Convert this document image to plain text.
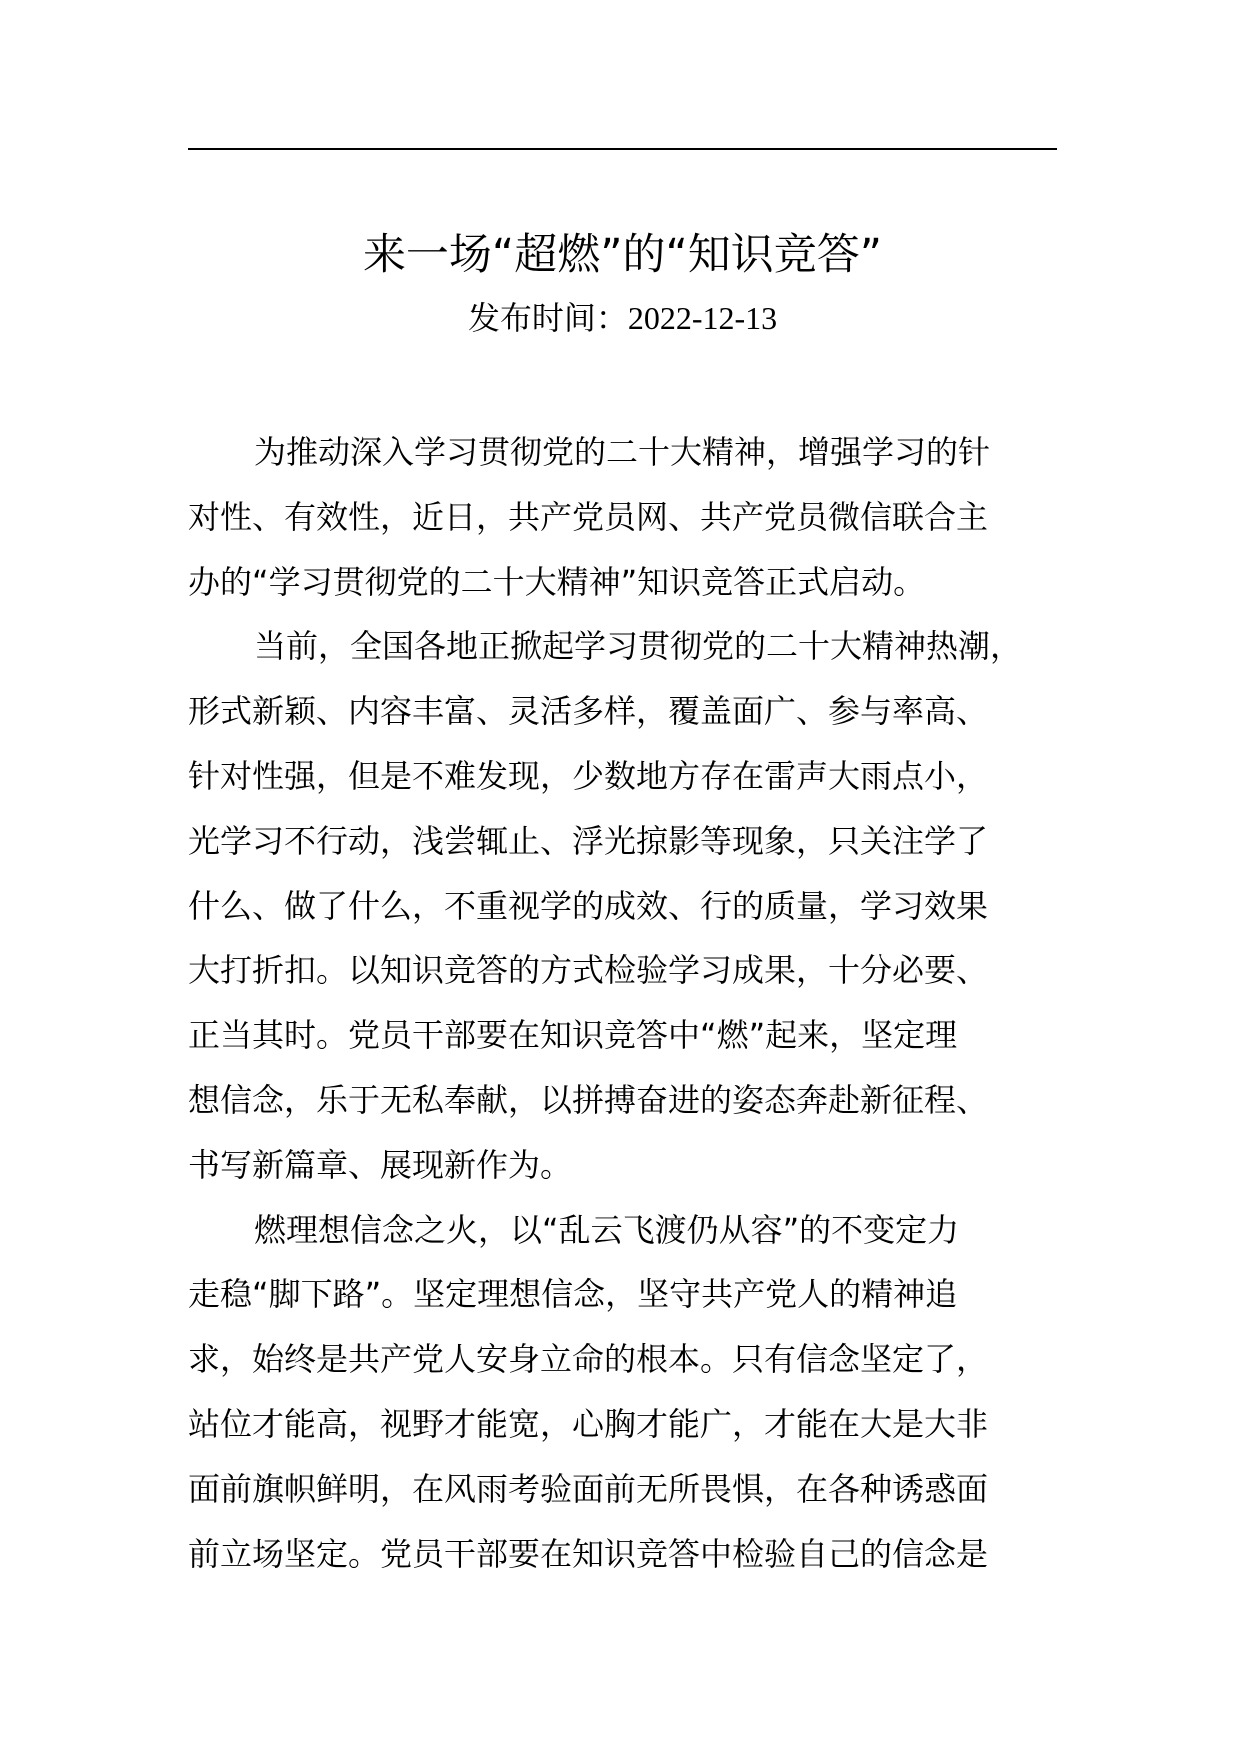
来一场“超燃”的“知识竞答”
发布时间：2022-12-13
为推动深入学习贯彻党的二十大精神，增强学习的针
对性、有效性，近日，共产党员网、共产党员微信联合主
办的“学习贯彻党的二十大精神”知识竞答正式启动。
当前，全国各地正掀起学习贯彻党的二十大精神热潮，
形式新颖、内容丰富、灵活多样，覆盖面广、参与率高、
针对性强，但是不难发现，少数地方存在雷声大雨点小，
光学习不行动，浅尝辄止、浮光掠影等现象，只关注学了
什么、做了什么，不重视学的成效、行的质量，学习效果
大打折扣。以知识竞答的方式检验学习成果，十分必要、
正当其时。党员干部要在知识竞答中“燃”起来，坚定理
想信念，乐于无私奉献，以拼搏奋进的姿态奔赴新征程、
书写新篇章、展现新作为。
燃理想信念之火，以“乱云飞渡仍从容”的不变定力
走稳“脚下路”。坚定理想信念，坚守共产党人的精神追
求，始终是共产党人安身立命的根本。只有信念坚定了，
站位才能高，视野才能宽，心胸才能广，才能在大是大非
面前旗帜鲜明，在风雨考验面前无所畏惧，在各种诱惑面
前立场坚定。党员干部要在知识竞答中检验自己的信念是
